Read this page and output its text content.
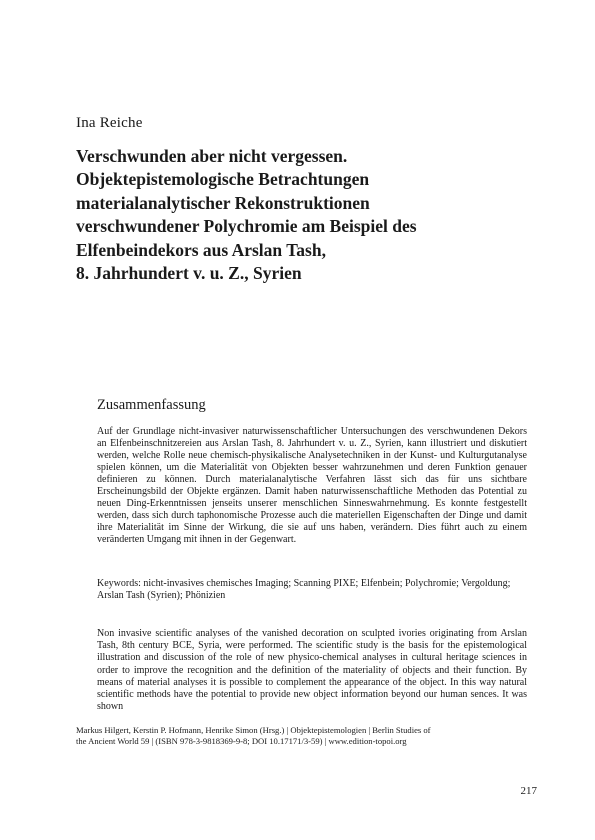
Ina Reiche

Verschwunden aber nicht vergessen.
Objektepistemologische Betrachtungen
materialanalytischer Rekonstruktionen
verschwundener Polychromie am Beispiel des
Elfenbeindekors aus Arslan Tash,
8. Jahrhundert v. u. Z., Syrien
Zusammenfassung

Auf der Grundlage nicht-invasiver naturwissenschaftlicher Untersuchungen des verschwundenen Dekors an Elfenbeinschnitzereien aus Arslan Tash, 8. Jahrhundert v. u. Z., Syrien, kann illustriert und diskutiert werden, welche Rolle neue chemisch-physikalische Analysetechniken in der Kunst- und Kulturgutanalyse spielen können, um die Materialität von Objekten besser wahrzunehmen und deren Funktion genauer definieren zu können. Durch materialanalytische Verfahren lässt sich das für uns sichtbare Erscheinungsbild der Objekte ergänzen. Damit haben naturwissenschaftliche Methoden das Potential zu neuen Ding-Erkenntnissen jenseits unserer menschlichen Sinneswahrnehmung. Es konnte festgestellt werden, dass sich durch taphonomische Prozesse auch die materiellen Eigenschaften der Dinge und damit ihre Materialität im Sinne der Wirkung, die sie auf uns haben, verändern. Dies führt auch zu einem veränderten Umgang mit ihnen in der Gegenwart.

Keywords: nicht-invasives chemisches Imaging; Scanning PIXE; Elfenbein; Polychromie; Vergoldung; Arslan Tash (Syrien); Phönizien

Non invasive scientific analyses of the vanished decoration on sculpted ivories originating from Arslan Tash, 8th century BCE, Syria, were performed. The scientific study is the basis for the epistemological illustration and discussion of the role of new physico-chemical analyses in cultural heritage sciences in order to improve the recognition and the definition of the materiality of objects and their function. By means of material analyses it is possible to complement the appearance of the object. In this way natural scientific methods have the potential to provide new object information beyond our human sences. It was shown

Markus Hilgert, Kerstin P. Hofmann, Henrike Simon (Hrsg.) | Objektepistemologien | Berlin Studies of
the Ancient World 59 | (ISBN 978-3-9818369-9-8; DOI 10.17171/3-59) | www.edition-topoi.org

217
